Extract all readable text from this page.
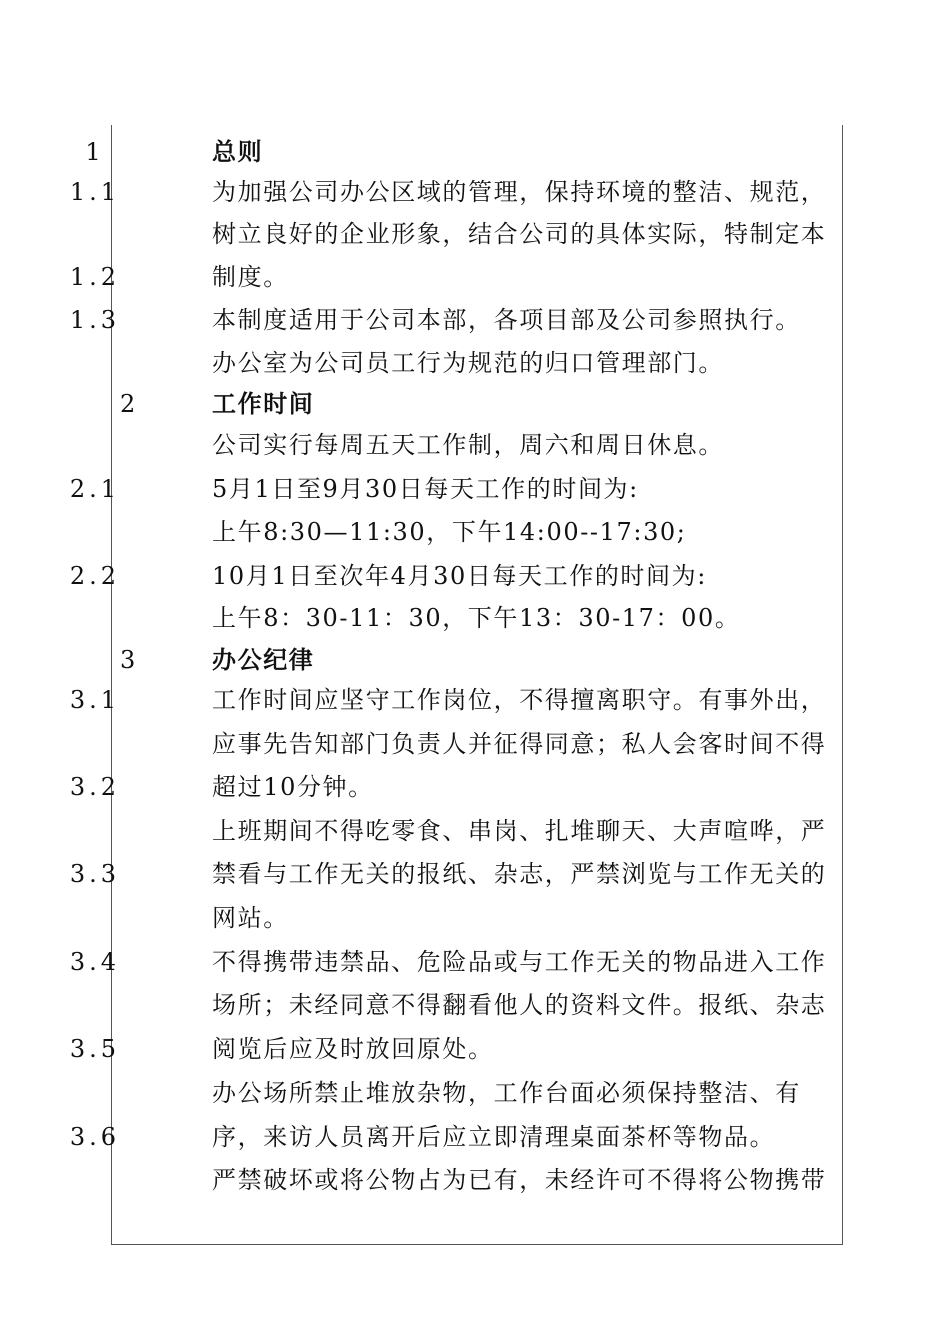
1
1.1
1.2
1.3
2
2.1
2.2
3
3.1
3.2
3.3
3.4
3.5
3.6
总则
为加强公司办公区域的管理，保持环境的整洁、规范，
树立良好的企业形象，结合公司的具体实际，特制定本
制度。
本制度适用于公司本部，各项目部及公司参照执行。
办公室为公司员工行为规范的归口管理部门。
工作时间
公司实行每周五天工作制，周六和周日休息。
5月1日至9月30日每天工作的时间为:
上午8:30—11:30，下午14:00--17:30;
10月1日至次年4月30日每天工作的时间为:
上午8：30-11：30，下午13：30-17：00。
办公纪律
工作时间应坚守工作岗位，不得擅离职守。有事外出，
应事先告知部门负责人并征得同意；私人会客时间不得
超过10分钟。
上班期间不得吃零食、串岗、扎堆聊天、大声喧哗，严
禁看与工作无关的报纸、杂志，严禁浏览与工作无关的
网站。
不得携带违禁品、危险品或与工作无关的物品进入工作
场所；未经同意不得翻看他人的资料文件。报纸、杂志
阅览后应及时放回原处。
办公场所禁止堆放杂物，工作台面必须保持整洁、有
序，来访人员离开后应立即清理桌面茶杯等物品。
严禁破坏或将公物占为已有，未经许可不得将公物携带
